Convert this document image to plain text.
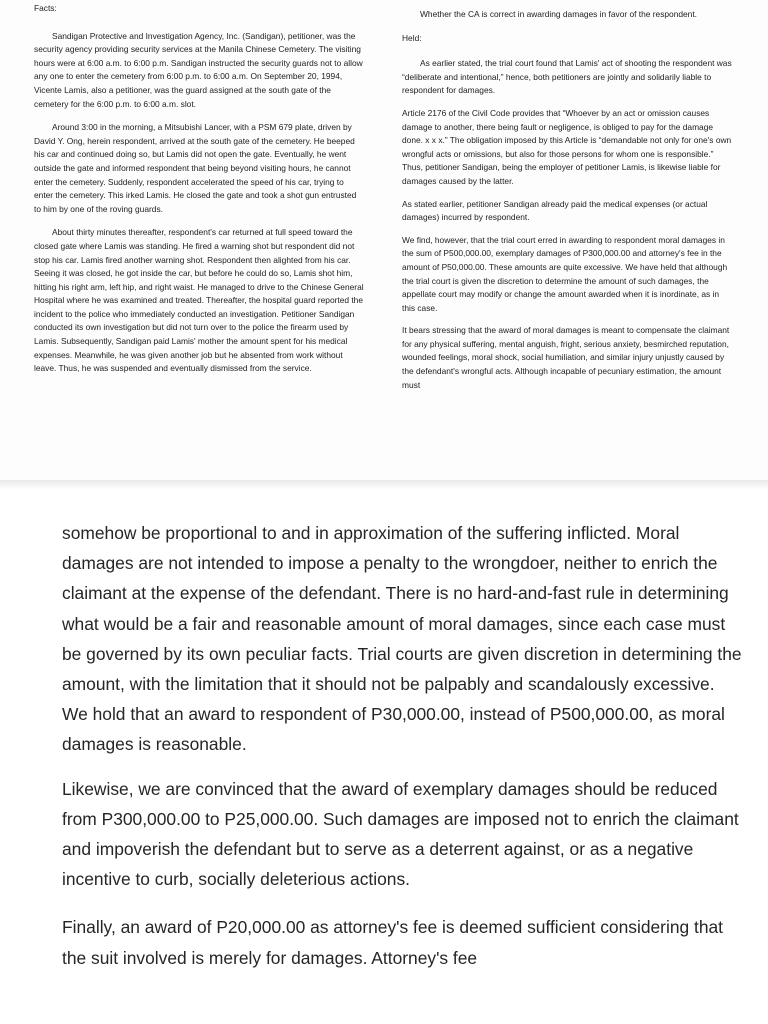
Facts:

Sandigan Protective and Investigation Agency, Inc. (Sandigan), petitioner, was the security agency providing security services at the Manila Chinese Cemetery. The visiting hours were at 6:00 a.m. to 6:00 p.m. Sandigan instructed the security guards not to allow any one to enter the cemetery from 6:00 p.m. to 6:00 a.m. On September 20, 1994, Vicente Lamis, also a petitioner, was the guard assigned at the south gate of the cemetery for the 6:00 p.m. to 6:00 a.m. slot.

Around 3:00 in the morning, a Mitsubishi Lancer, with a PSM 679 plate, driven by David Y. Ong, herein respondent, arrived at the south gate of the cemetery. He beeped his car and continued doing so, but Lamis did not open the gate. Eventually, he went outside the gate and informed respondent that being beyond visiting hours, he cannot enter the cemetery. Suddenly, respondent accelerated the speed of his car, trying to enter the cemetery. This irked Lamis. He closed the gate and took a shot gun entrusted to him by one of the roving guards.

About thirty minutes thereafter, respondent's car returned at full speed toward the closed gate where Lamis was standing. He fired a warning shot but respondent did not stop his car. Lamis fired another warning shot. Respondent then alighted from his car. Seeing it was closed, he got inside the car, but before he could do so, Lamis shot him, hitting his right arm, left hip, and right waist. He managed to drive to the Chinese General Hospital where he was examined and treated. Thereafter, the hospital guard reported the incident to the police who immediately conducted an investigation. Petitioner Sandigan conducted its own investigation but did not turn over to the police the firearm used by Lamis. Subsequently, Sandigan paid Lamis' mother the amount spent for his medical expenses. Meanwhile, he was given another job but he absented from work without leave. Thus, he was suspended and eventually dismissed from the service.

Whether the CA is correct in awarding damages in favor of the respondent.

Held:

As earlier stated, the trial court found that Lamis' act of shooting the respondent was “deliberate and intentional,” hence, both petitioners are jointly and solidarily liable to respondent for damages.

Article 2176 of the Civil Code provides that “Whoever by an act or omission causes damage to another, there being fault or negligence, is obliged to pay for the damage done. x x x.” The obligation imposed by this Article is “demandable not only for one's own wrongful acts or omissions, but also for those persons for whom one is responsible.” Thus, petitioner Sandigan, being the employer of petitioner Lamis, is likewise liable for damages caused by the latter.

As stated earlier, petitioner Sandigan already paid the medical expenses (or actual damages) incurred by respondent.

We find, however, that the trial court erred in awarding to respondent moral damages in the sum of P500,000.00, exemplary damages of P300,000.00 and attorney's fee in the amount of P50,000.00. These amounts are quite excessive. We have held that although the trial court is given the discretion to determine the amount of such damages, the appellate court may modify or change the amount awarded when it is inordinate, as in this case.

It bears stressing that the award of moral damages is meant to compensate the claimant for any physical suffering, mental anguish, fright, serious anxiety, besmirched reputation, wounded feelings, moral shock, social humiliation, and similar injury unjustly caused by the defendant's wrongful acts. Although incapable of pecuniary estimation, the amount must

somehow be proportional to and in approximation of the suffering inflicted. Moral damages are not intended to impose a penalty to the wrongdoer, neither to enrich the claimant at the expense of the defendant. There is no hard-and-fast rule in determining what would be a fair and reasonable amount of moral damages, since each case must be governed by its own peculiar facts. Trial courts are given discretion in determining the amount, with the limitation that it should not be palpably and scandalously excessive. We hold that an award to respondent of P30,000.00, instead of P500,000.00, as moral damages is reasonable.

Likewise, we are convinced that the award of exemplary damages should be reduced from P300,000.00 to P25,000.00. Such damages are imposed not to enrich the claimant and impoverish the defendant but to serve as a deterrent against, or as a negative incentive to curb, socially deleterious actions.

Finally, an award of P20,000.00 as attorney's fee is deemed sufficient considering that the suit involved is merely for damages. Attorney's fee
